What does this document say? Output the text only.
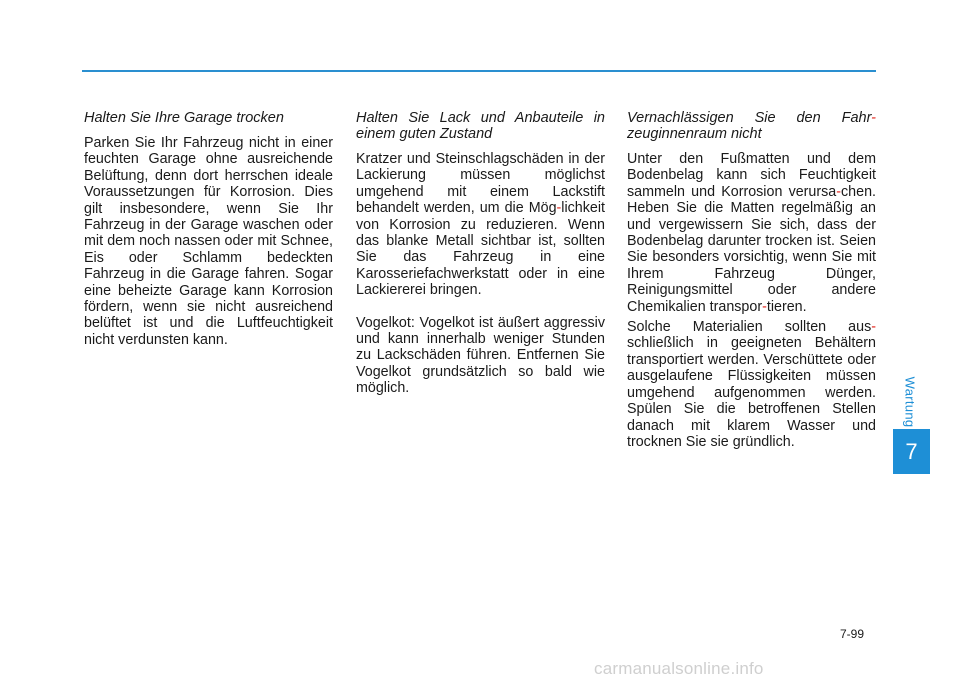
Halten Sie Ihre Garage trocken

Parken Sie Ihr Fahrzeug nicht in einer feuchten Garage ohne ausreichende Belüftung, denn dort herrschen ideale Voraussetzungen für Korrosion. Dies gilt insbesondere, wenn Sie Ihr Fahrzeug in der Garage waschen oder mit dem noch nassen oder mit Schnee, Eis oder Schlamm bedeckten Fahrzeug in die Garage fahren. Sogar eine beheizte Garage kann Korrosion fördern, wenn sie nicht ausreichend belüftet ist und die Luftfeuchtigkeit nicht verdunsten kann.

Halten Sie Lack und Anbauteile in einem guten Zustand

Kratzer und Steinschlagschäden in der Lackierung müssen möglichst umgehend mit einem Lackstift behandelt werden, um die Mög-lichkeit von Korrosion zu reduzieren. Wenn das blanke Metall sichtbar ist, sollten Sie das Fahrzeug in eine Karosseriefachwerkstatt oder in eine Lackiererei bringen.

Vogelkot: Vogelkot ist äußert aggressiv und kann innerhalb weniger Stunden zu Lackschäden führen. Entfernen Sie Vogelkot grundsätzlich so bald wie möglich.

Vernachlässigen Sie den Fahr-zeuginnenraum nicht

Unter den Fußmatten und dem Bodenbelag kann sich Feuchtigkeit sammeln und Korrosion verursa-chen. Heben Sie die Matten regelmäßig an und vergewissern Sie sich, dass der Bodenbelag darunter trocken ist. Seien Sie besonders vorsichtig, wenn Sie mit Ihrem Fahrzeug Dünger, Reinigungsmittel oder andere Chemikalien transpor-tieren.

Solche Materialien sollten aus-schließlich in geeigneten Behältern transportiert werden. Verschüttete oder ausgelaufene Flüssigkeiten müssen umgehend aufgenommen werden. Spülen Sie die betroffenen Stellen danach mit klarem Wasser und trocknen Sie sie gründlich.

Wartung
7
7-99
carmanualsonline.info
